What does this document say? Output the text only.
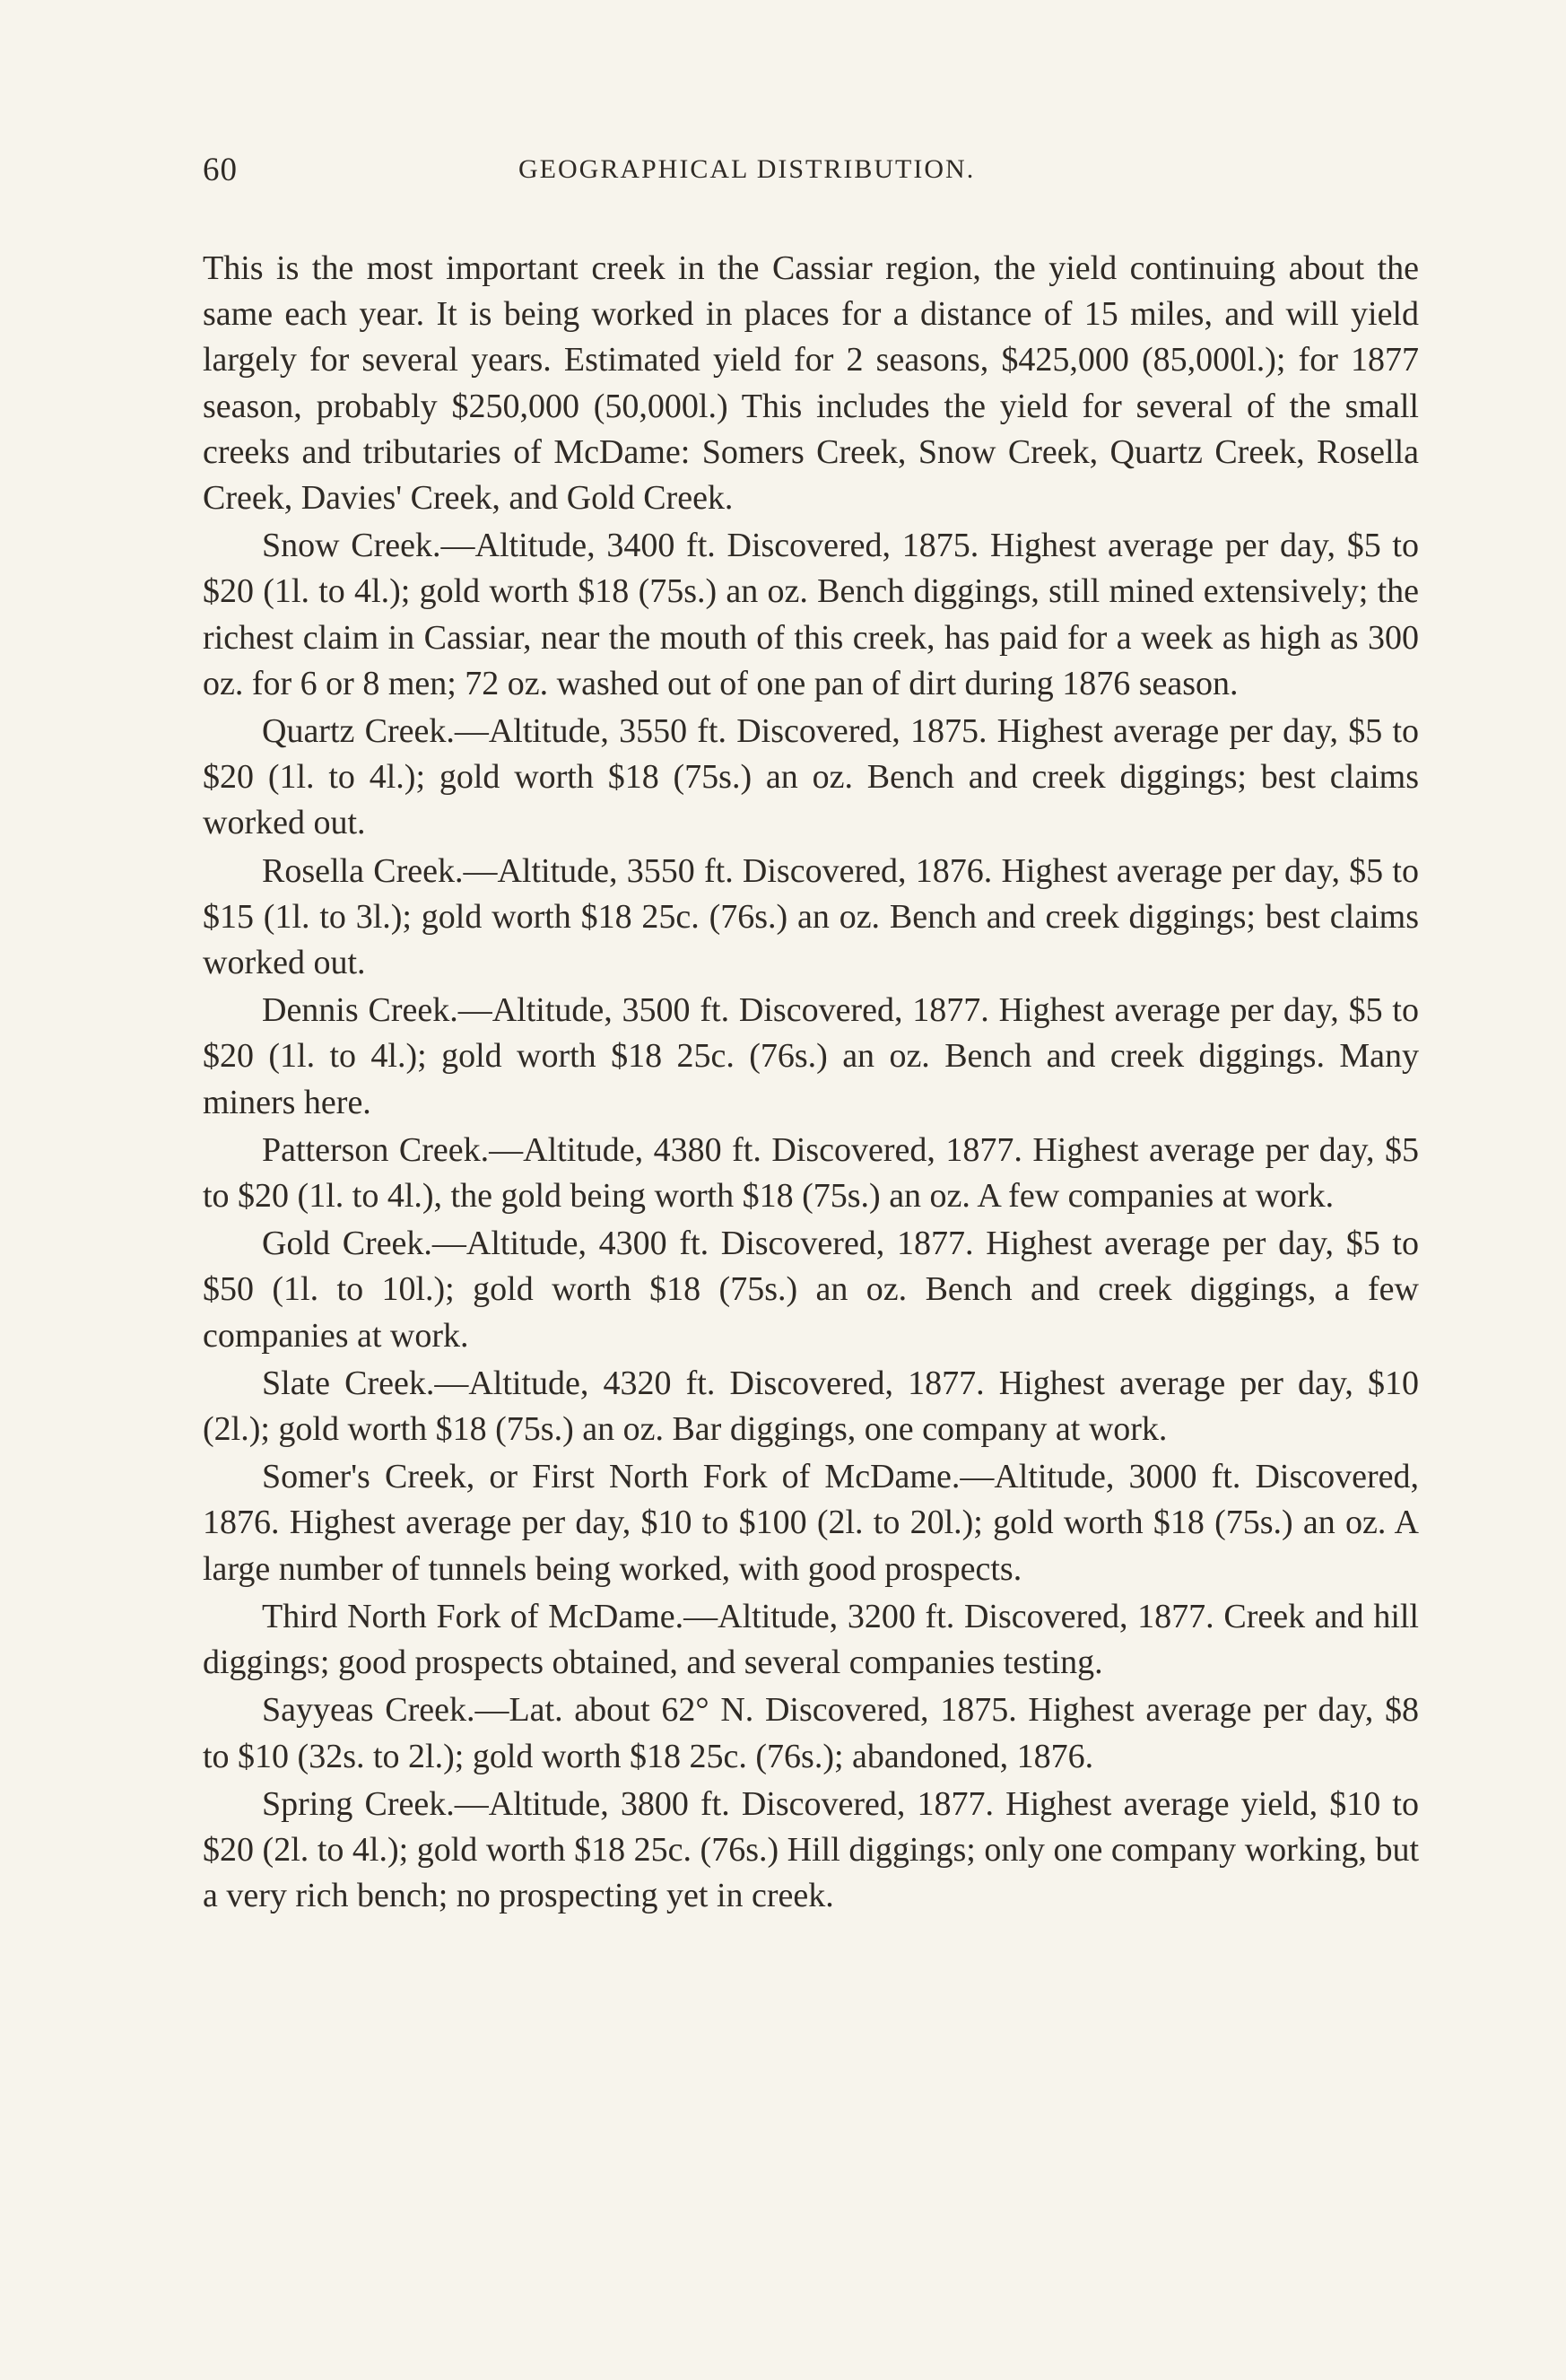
60	GEOGRAPHICAL DISTRIBUTION.

This is the most important creek in the Cassiar region, the yield continuing about the same each year. It is being worked in places for a distance of 15 miles, and will yield largely for several years. Estimated yield for 2 seasons, $425,000 (85,000l.); for 1877 season, probably $250,000 (50,000l.) This includes the yield for several of the small creeks and tributaries of McDame: Somers Creek, Snow Creek, Quartz Creek, Rosella Creek, Davies' Creek, and Gold Creek.

Snow Creek.—Altitude, 3400 ft. Discovered, 1875. Highest average per day, $5 to $20 (1l. to 4l.); gold worth $18 (75s.) an oz. Bench diggings, still mined extensively; the richest claim in Cassiar, near the mouth of this creek, has paid for a week as high as 300 oz. for 6 or 8 men; 72 oz. washed out of one pan of dirt during 1876 season.

Quartz Creek.—Altitude, 3550 ft. Discovered, 1875. Highest average per day, $5 to $20 (1l. to 4l.); gold worth $18 (75s.) an oz. Bench and creek diggings; best claims worked out.

Rosella Creek.—Altitude, 3550 ft. Discovered, 1876. Highest average per day, $5 to $15 (1l. to 3l.); gold worth $18 25c. (76s.) an oz. Bench and creek diggings; best claims worked out.

Dennis Creek.—Altitude, 3500 ft. Discovered, 1877. Highest average per day, $5 to $20 (1l. to 4l.); gold worth $18 25c. (76s.) an oz. Bench and creek diggings. Many miners here.

Patterson Creek.—Altitude, 4380 ft. Discovered, 1877. Highest average per day, $5 to $20 (1l. to 4l.), the gold being worth $18 (75s.) an oz. A few companies at work.

Gold Creek.—Altitude, 4300 ft. Discovered, 1877. Highest average per day, $5 to $50 (1l. to 10l.); gold worth $18 (75s.) an oz. Bench and creek diggings, a few companies at work.

Slate Creek.—Altitude, 4320 ft. Discovered, 1877. Highest average per day, $10 (2l.); gold worth $18 (75s.) an oz. Bar diggings, one company at work.

Somer's Creek, or First North Fork of McDame.—Altitude, 3000 ft. Discovered, 1876. Highest average per day, $10 to $100 (2l. to 20l.); gold worth $18 (75s.) an oz. A large number of tunnels being worked, with good prospects.

Third North Fork of McDame.—Altitude, 3200 ft. Discovered, 1877. Creek and hill diggings; good prospects obtained, and several companies testing.

Sayyeas Creek.—Lat. about 62° N. Discovered, 1875. Highest average per day, $8 to $10 (32s. to 2l.); gold worth $18 25c. (76s.); abandoned, 1876.

Spring Creek.—Altitude, 3800 ft. Discovered, 1877. Highest average yield, $10 to $20 (2l. to 4l.); gold worth $18 25c. (76s.) Hill diggings; only one company working, but a very rich bench; no prospecting yet in creek.
